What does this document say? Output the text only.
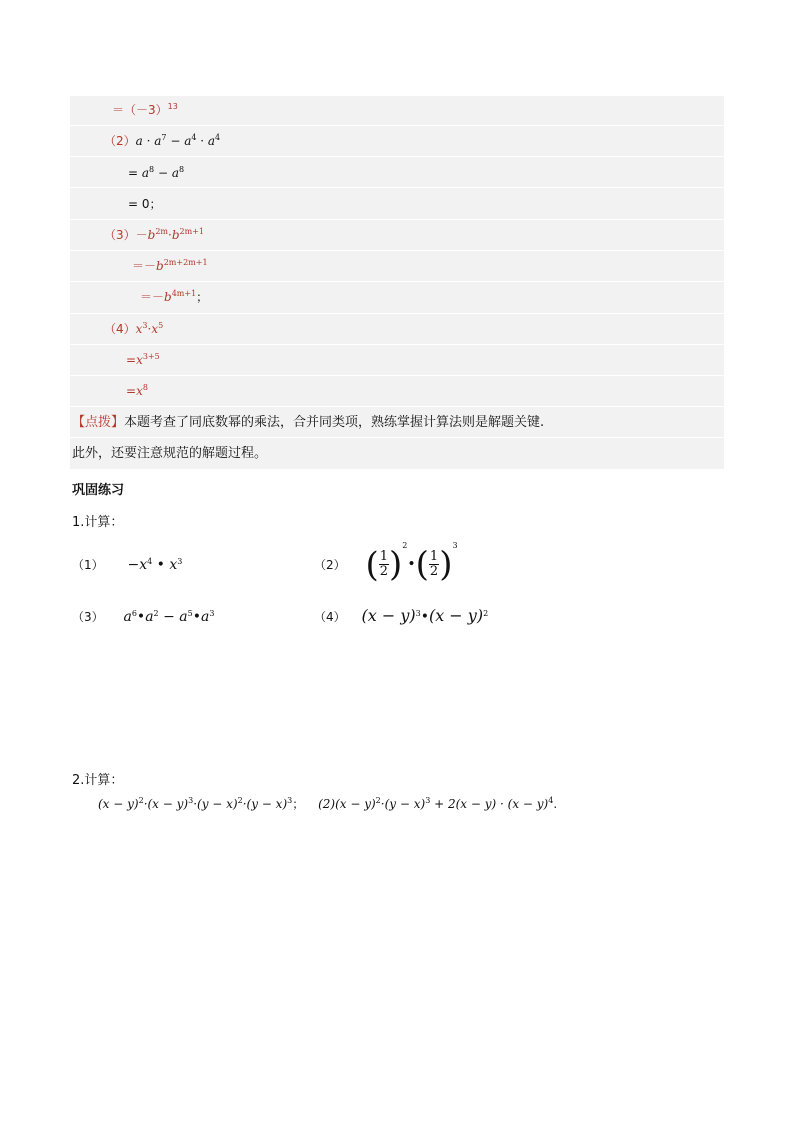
$=(-3)^{13}$
$(2)a \cdot a^7 - a^4 \cdot a^4$
= $a^8 - a^8$
= 0；
$(3)-b^{2m}\cdot b^{2m+1}$
$=-b^{2m+2m+1}$
$=-b^{4m+1}$；
$(4)x^3\cdot x^5$
$=x^{3+5}$
$=x^8$
【点拨】本题考查了同底数幂的乘法，合并同类项，熟练掌握计算法则是解题关键.
此外，还要注意规范的解题过程。
巩固练习
1.计算：
$(1) -x^4$ • $x^3$	（2） ( $\frac{1}{2}$ )$^2$•( $\frac{1}{2} )^3$
（3） $a^6•a^2$ − $a^5•a^3$	（4） $(x - y)^3•(x - y)^2$
2.计算：
$(x - y)^2\cdot(x - y)^3\cdot(y - x)^2\cdot(y - x)^3$； $(2)(x - y)^2\cdot(y - x)^3 + 2(x - y) \cdot (x - y)^4$.
